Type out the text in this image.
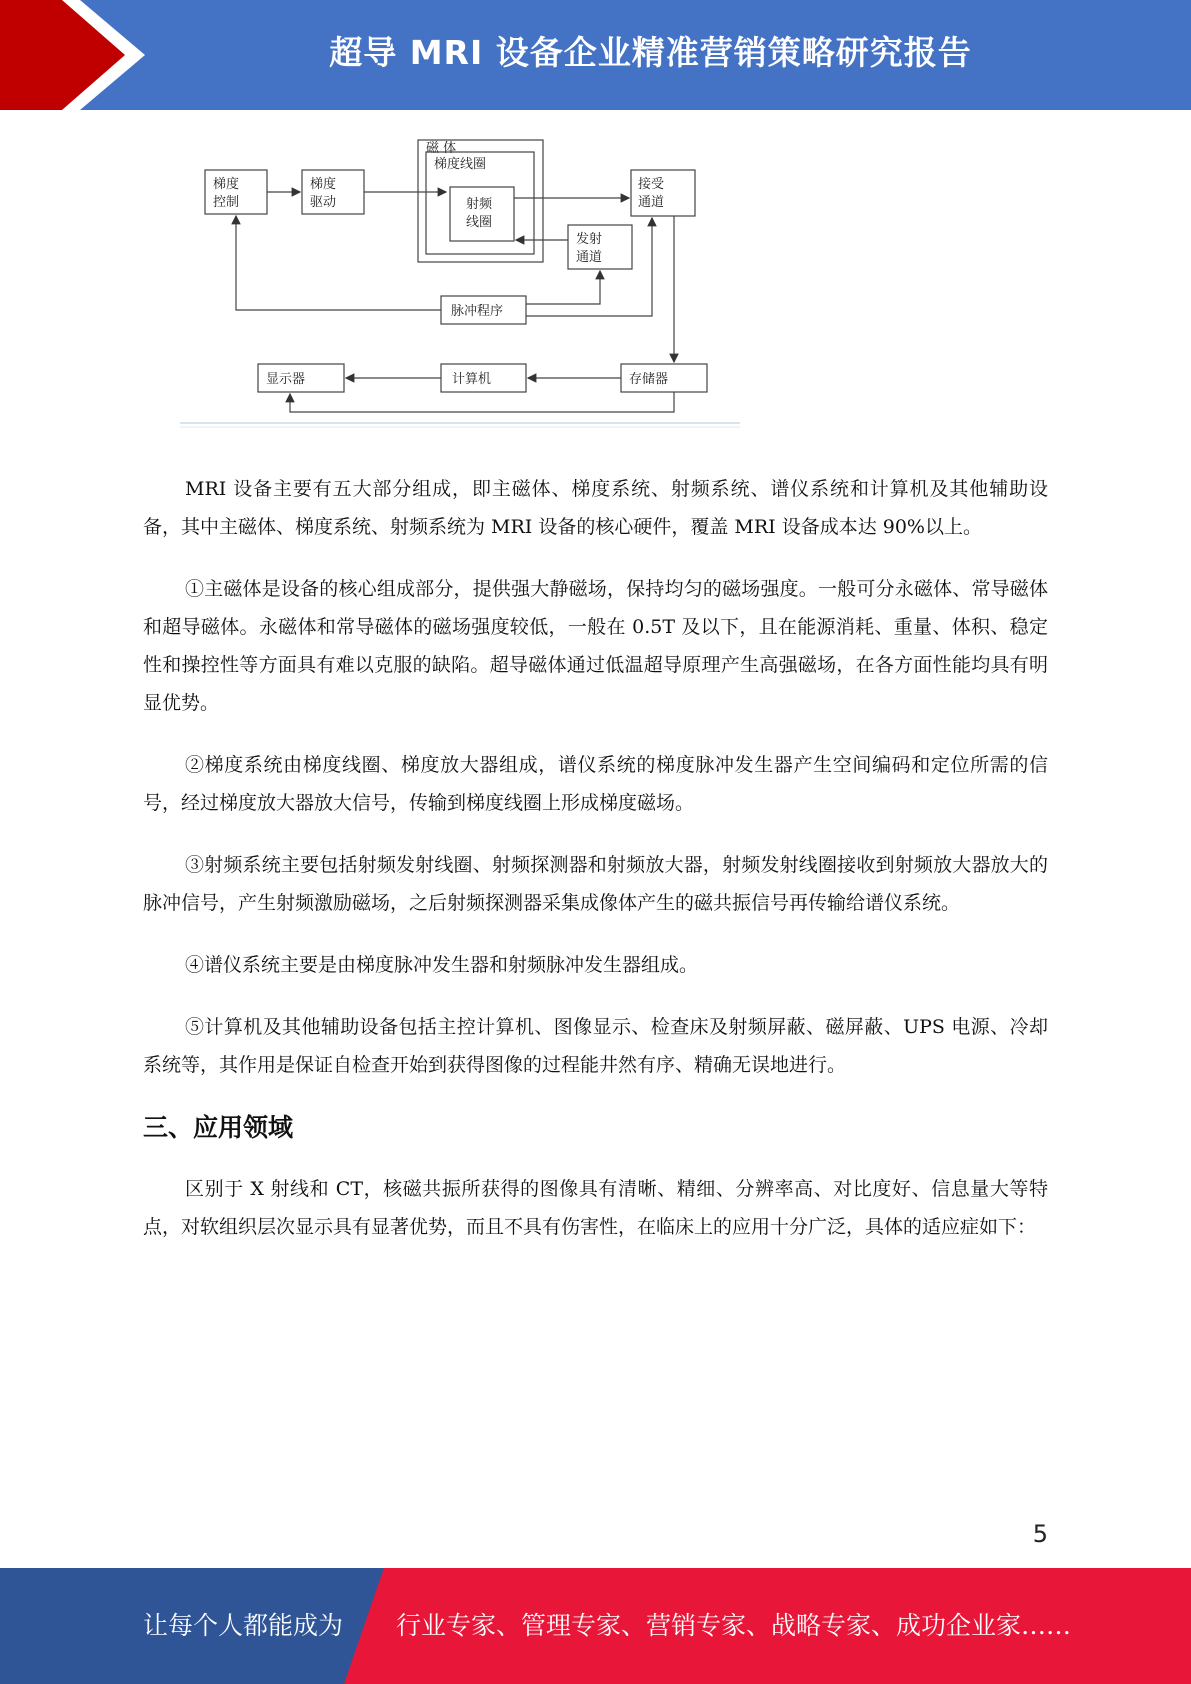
超导 MRI 设备企业精准营销策略研究报告
梯度
控制
梯度
驱动
磁 体
梯度线圈
射频
线圈
接受
通道
发射
通道
脉冲程序
显示器	计算机	存储器

MRI 设备主要有五大部分组成，即主磁体、梯度系统、射频系统、谱仪系统和计算机及其他辅助设备，其中主磁体、梯度系统、射频系统为 MRI 设备的核心硬件，覆盖 MRI 设备成本达 90%以上。

①主磁体是设备的核心组成部分，提供强大静磁场，保持均匀的磁场强度。一般可分永磁体、常导磁体和超导磁体。永磁体和常导磁体的磁场强度较低，一般在 0.5T 及以下，且在能源消耗、重量、体积、稳定性和操控性等方面具有难以克服的缺陷。超导磁体通过低温超导原理产生高强磁场，在各方面性能均具有明显优势。

②梯度系统由梯度线圈、梯度放大器组成，谱仪系统的梯度脉冲发生器产生空间编码和定位所需的信号，经过梯度放大器放大信号，传输到梯度线圈上形成梯度磁场。

③射频系统主要包括射频发射线圈、射频探测器和射频放大器，射频发射线圈接收到射频放大器放大的脉冲信号，产生射频激励磁场，之后射频探测器采集成像体产生的磁共振信号再传输给谱仪系统。

④谱仪系统主要是由梯度脉冲发生器和射频脉冲发生器组成。

⑤计算机及其他辅助设备包括主控计算机、图像显示、检查床及射频屏蔽、磁屏蔽、UPS 电源、冷却系统等，其作用是保证自检查开始到获得图像的过程能井然有序、精确无误地进行。

三、应用领域

区别于 X 射线和 CT，核磁共振所获得的图像具有清晰、精细、分辨率高、对比度好、信息量大等特点，对软组织层次显示具有显著优势，而且不具有伤害性，在临床上的应用十分广泛，具体的适应症如下：

5
让每个人都能成为 行业专家、管理专家、营销专家、战略专家、成功企业家……
